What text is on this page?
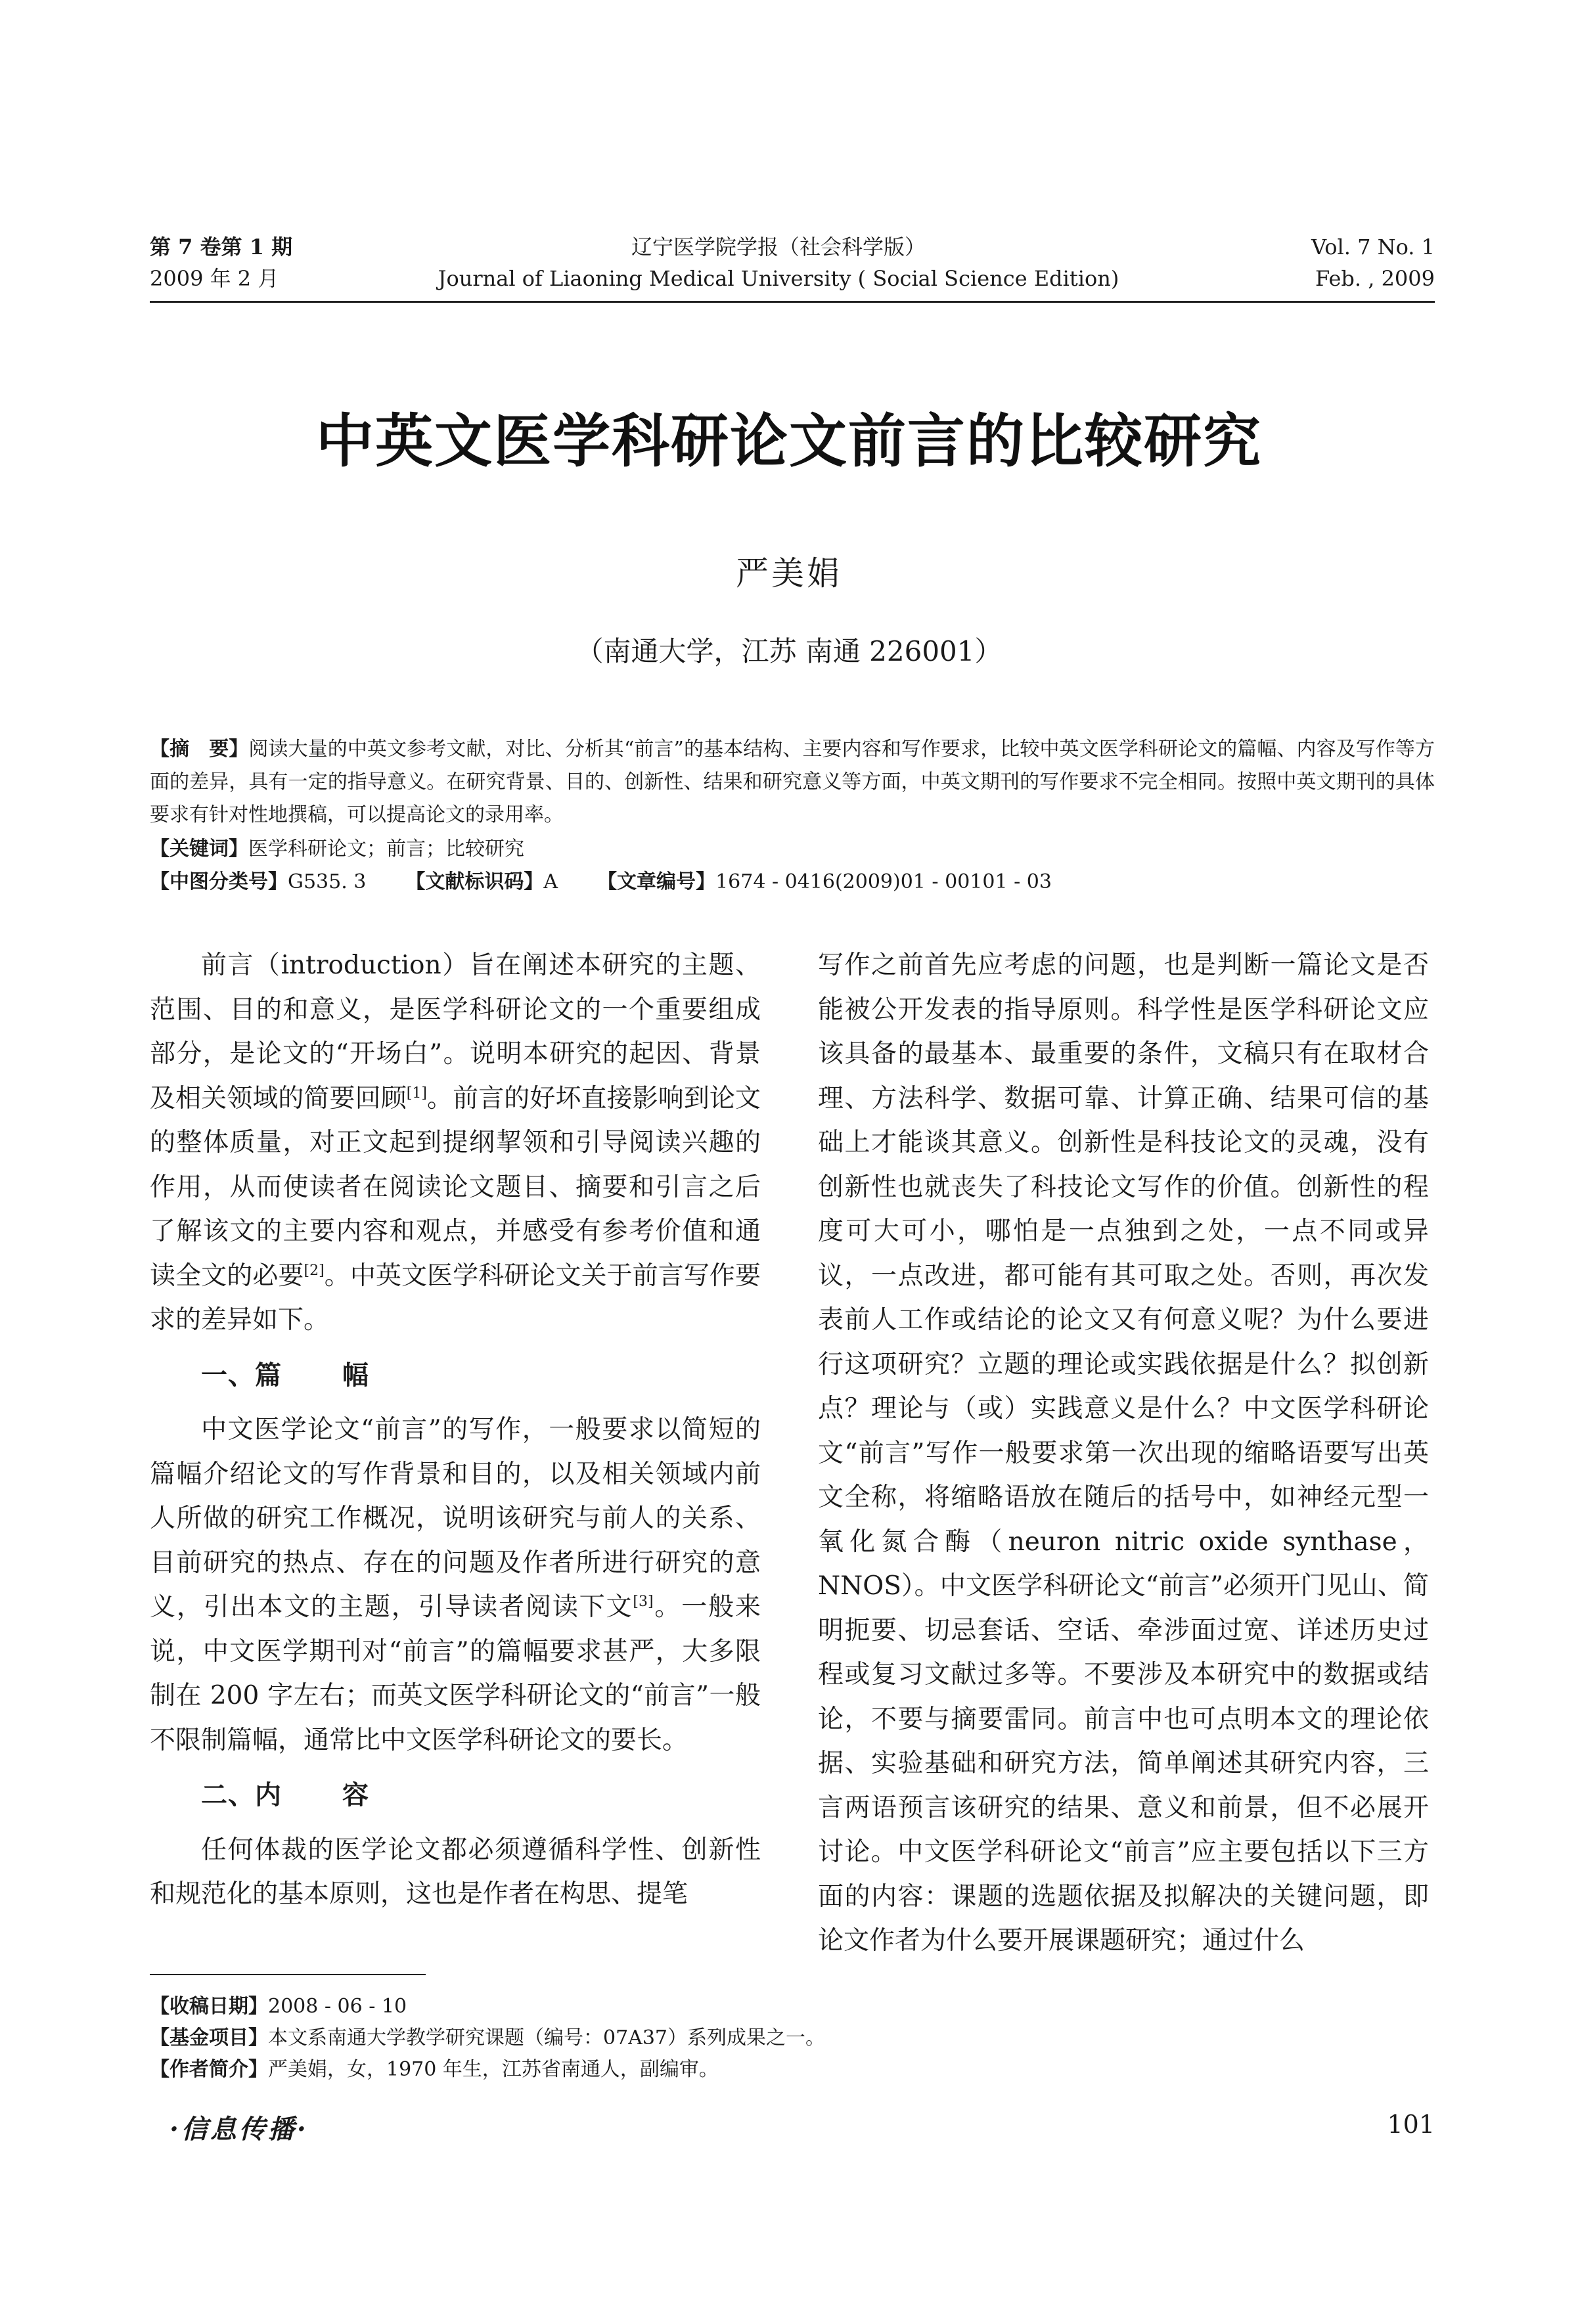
第 7 卷第 1 期
2009 年 2 月
辽宁医学院学报（社会科学版）
Journal of Liaoning Medical University ( Social Science Edition)
Vol. 7 No. 1
Feb. , 2009
中英文医学科研论文前言的比较研究
严美娟
（南通大学，江苏 南通 226001）
【摘　要】阅读大量的中英文参考文献，对比、分析其“前言”的基本结构、主要内容和写作要求，比较中英文医学科研论文的篇幅、内容及写作等方面的差异，具有一定的指导意义。在研究背景、目的、创新性、结果和研究意义等方面，中英文期刊的写作要求不完全相同。按照中英文期刊的具体要求有针对性地撰稿，可以提高论文的录用率。
【关键词】医学科研论文；前言；比较研究
【中图分类号】G535. 3 【文献标识码】A 【文章编号】1674 - 0416(2009)01 - 00101 - 03

前言（introduction）旨在阐述本研究的主题、范围、目的和意义，是医学科研论文的一个重要组成部分，是论文的“开场白”。说明本研究的起因、背景及相关领域的简要回顾[1]。前言的好坏直接影响到论文的整体质量，对正文起到提纲挈领和引导阅读兴趣的作用，从而使读者在阅读论文题目、摘要和引言之后了解该文的主要内容和观点，并感受有参考价值和通读全文的必要[2]。中英文医学科研论文关于前言写作要求的差异如下。

一、篇 幅

中文医学论文“前言”的写作，一般要求以简短的篇幅介绍论文的写作背景和目的，以及相关领域内前人所做的研究工作概况，说明该研究与前人的关系、目前研究的热点、存在的问题及作者所进行研究的意义，引出本文的主题，引导读者阅读下文[3]。一般来说，中文医学期刊对“前言”的篇幅要求甚严，大多限制在 200 字左右；而英文医学科研论文的“前言”一般不限制篇幅，通常比中文医学科研论文的要长。

二、内 容

任何体裁的医学论文都必须遵循科学性、创新性和规范化的基本原则，这也是作者在构思、提笔

写作之前首先应考虑的问题，也是判断一篇论文是否能被公开发表的指导原则。科学性是医学科研论文应该具备的最基本、最重要的条件，文稿只有在取材合理、方法科学、数据可靠、计算正确、结果可信的基础上才能谈其意义。创新性是科技论文的灵魂，没有创新性也就丧失了科技论文写作的价值。创新性的程度可大可小，哪怕是一点独到之处，一点不同或异议，一点改进，都可能有其可取之处。否则，再次发表前人工作或结论的论文又有何意义呢？为什么要进行这项研究？立题的理论或实践依据是什么？拟创新点？理论与（或）实践意义是什么？中文医学科研论文“前言”写作一般要求第一次出现的缩略语要写出英文全称，将缩略语放在随后的括号中，如神经元型一氧化氮合酶（neuron nitric oxide synthase，NNOS）。中文医学科研论文“前言”必须开门见山、简明扼要、切忌套话、空话、牵涉面过宽、详述历史过程或复习文献过多等。不要涉及本研究中的数据或结论，不要与摘要雷同。前言中也可点明本文的理论依据、实验基础和研究方法，简单阐述其研究内容，三言两语预言该研究的结果、意义和前景，但不必展开讨论。中文医学科研论文“前言”应主要包括以下三方面的内容：课题的选题依据及拟解决的关键问题，即论文作者为什么要开展课题研究；通过什么

【收稿日期】2008 - 06 - 10
【基金项目】本文系南通大学教学研究课题（编号：07A37）系列成果之一。
【作者简介】严美娟，女，1970 年生，江苏省南通人，副编审。
·信息传播·	101
